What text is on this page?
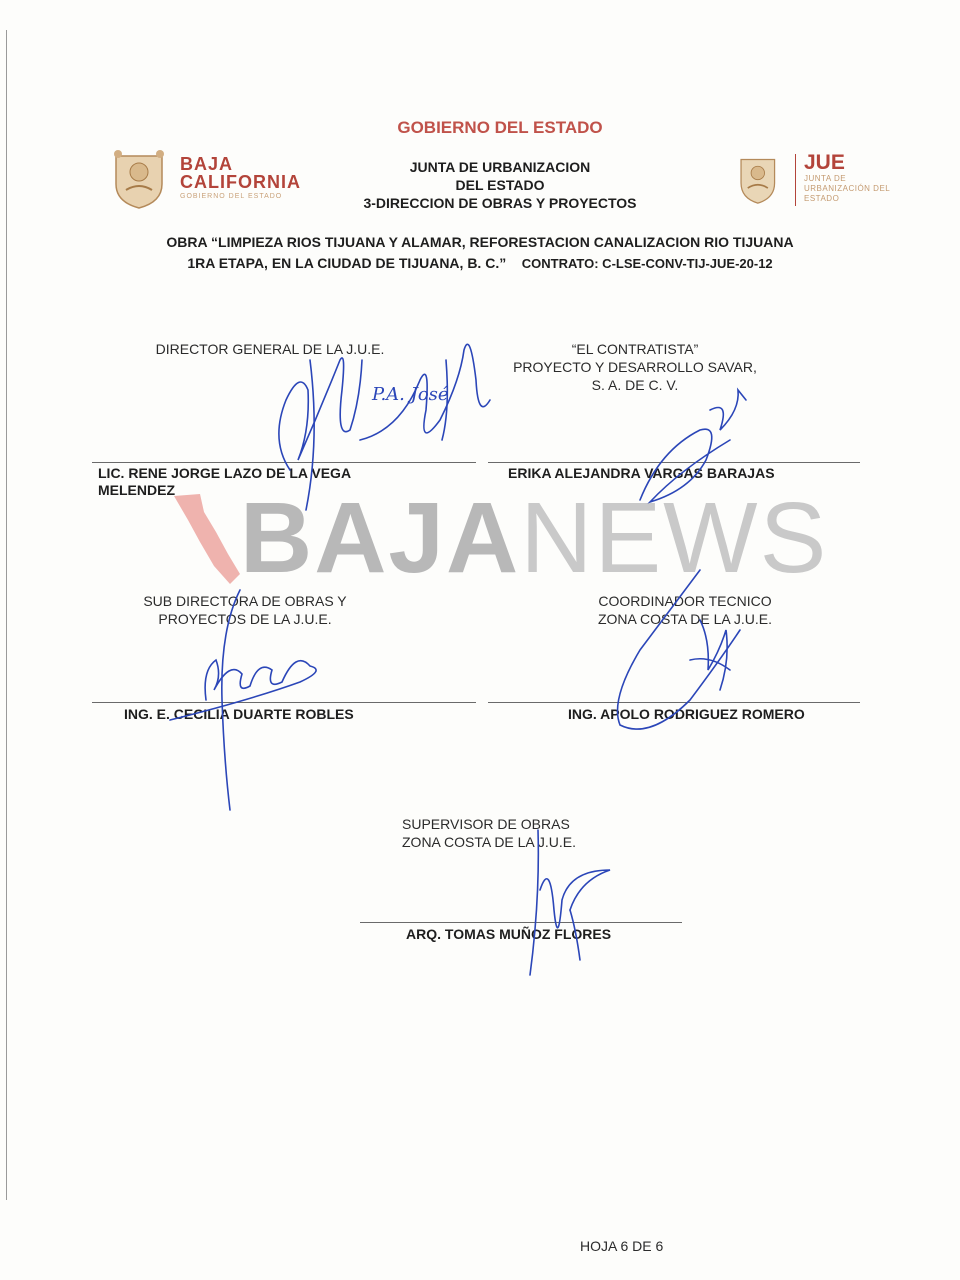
GOBIERNO DEL ESTADO
BAJA
CALIFORNIA
GOBIERNO DEL ESTADO
JUNTA DE URBANIZACION
DEL ESTADO
3-DIRECCION DE OBRAS Y PROYECTOS
JUE
JUNTA DE
URBANIZACIÓN DEL
ESTADO
OBRA “LIMPIEZA RIOS TIJUANA Y ALAMAR, REFORESTACION CANALIZACION RIO TIJUANA
1RA ETAPA, EN LA CIUDAD DE TIJUANA, B. C.” CONTRATO: C-LSE-CONV-TIJ-JUE-20-12
BAJANEWS
DIRECTOR GENERAL DE LA J.U.E.
LIC. RENE JORGE LAZO DE LA VEGA
MELENDEZ
“EL CONTRATISTA”
PROYECTO Y DESARROLLO SAVAR,
S. A. DE C. V.
ERIKA ALEJANDRA VARGAS BARAJAS
SUB DIRECTORA DE OBRAS Y
PROYECTOS DE LA J.U.E.
ING. E. CECILIA DUARTE ROBLES
COORDINADOR TECNICO
ZONA COSTA DE LA J.U.E.
ING. APOLO RODRIGUEZ ROMERO
SUPERVISOR DE OBRAS
ZONA COSTA DE LA J.U.E.
ARQ. TOMAS MUÑOZ FLORES
P.A. José
HOJA 6 DE 6
